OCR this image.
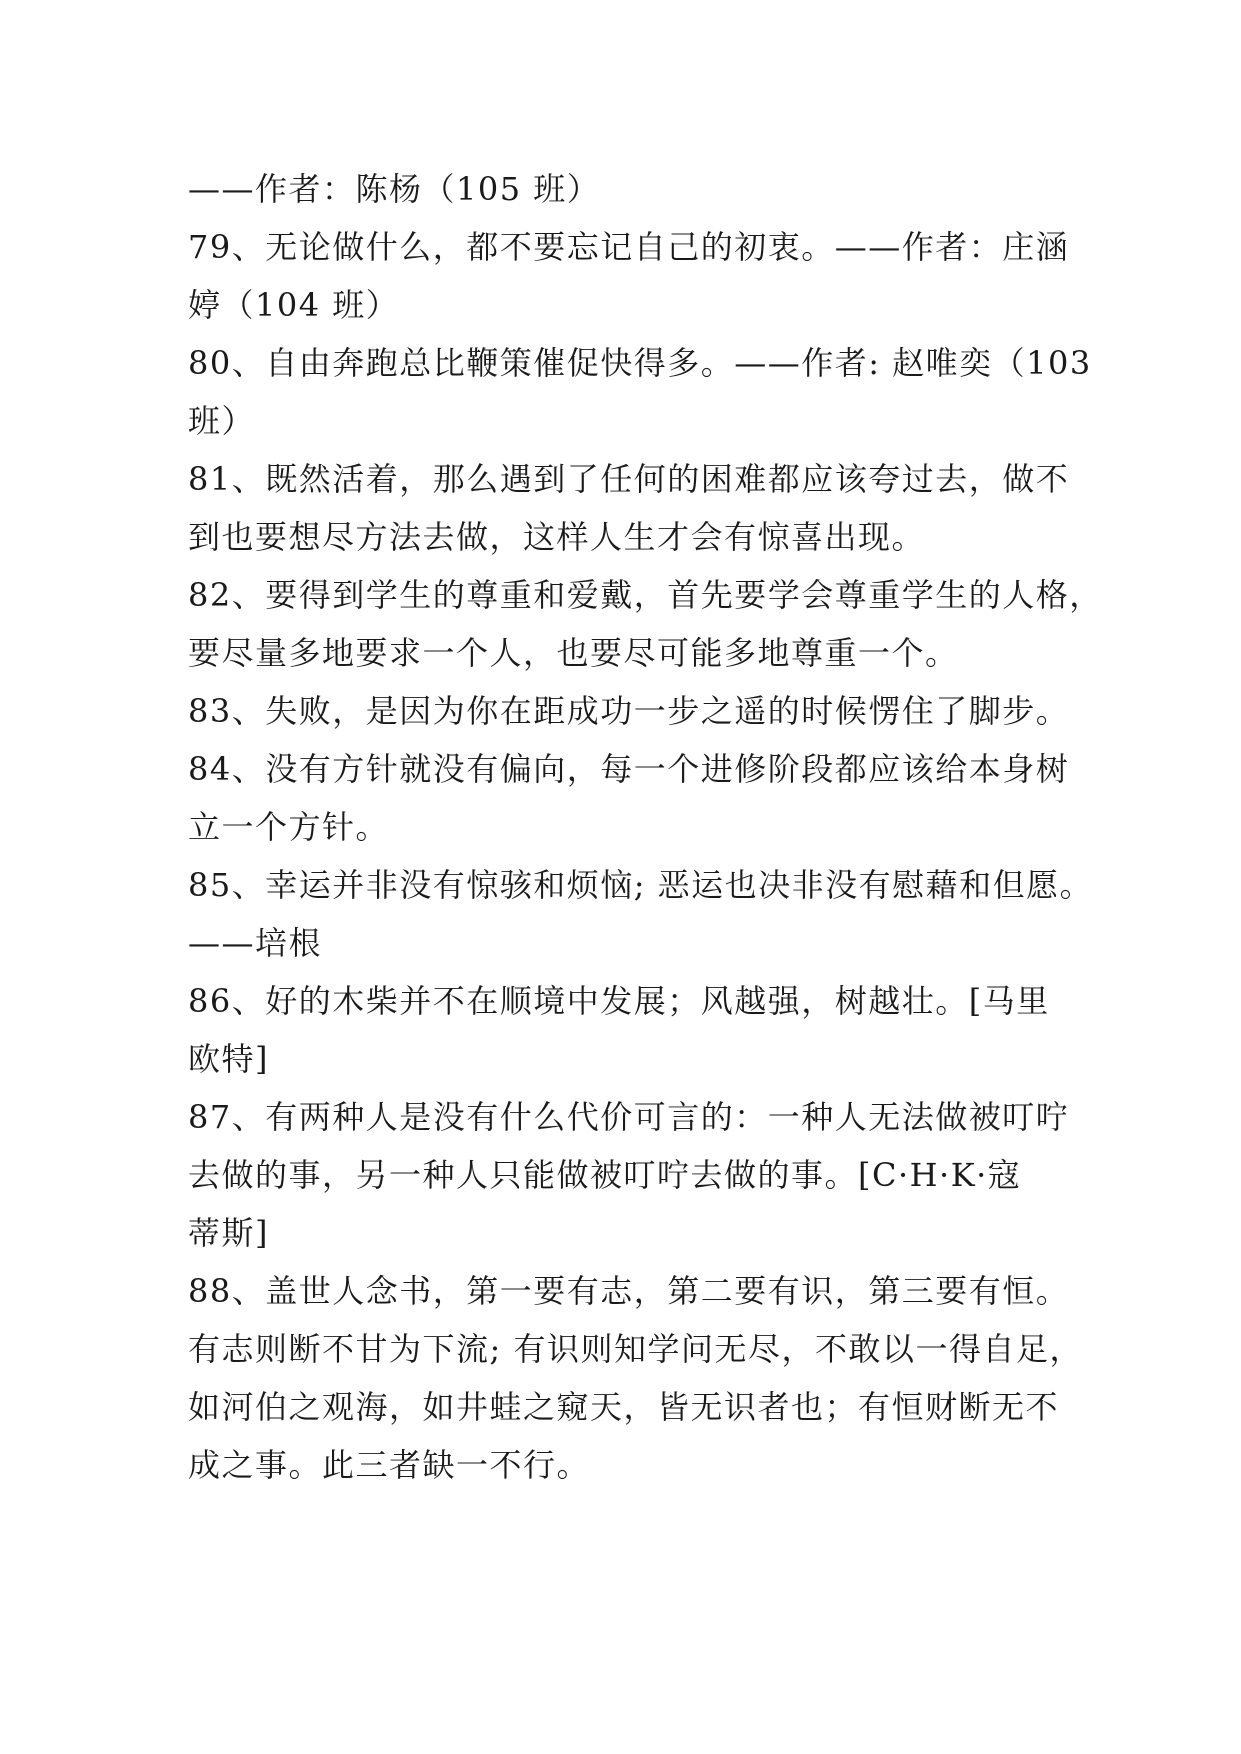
——作者：陈杨（105 班）
79、无论做什么，都不要忘记自己的初衷。——作者：庄涵
婷（104 班）
80、自由奔跑总比鞭策催促快得多。——作者: 赵唯奕（103
班）
81、既然活着，那么遇到了任何的困难都应该夸过去，做不
到也要想尽方法去做，这样人生才会有惊喜出现。
82、要得到学生的尊重和爱戴，首先要学会尊重学生的人格，
要尽量多地要求一个人，也要尽可能多地尊重一个。
83、失败，是因为你在距成功一步之遥的时候愣住了脚步。
84、没有方针就没有偏向，每一个进修阶段都应该给本身树
立一个方针。
85、幸运并非没有惊骇和烦恼; 恶运也决非没有慰藉和但愿。
——培根
86、好的木柴并不在顺境中发展；风越强，树越壮。[马里
欧特]
87、有两种人是没有什么代价可言的：一种人无法做被叮咛
去做的事，另一种人只能做被叮咛去做的事。[C·H·K·寇
蒂斯]
88、盖世人念书，第一要有志，第二要有识，第三要有恒。
有志则断不甘为下流; 有识则知学问无尽，不敢以一得自足，
如河伯之观海，如井蛙之窥天，皆无识者也；有恒财断无不
成之事。此三者缺一不行。
